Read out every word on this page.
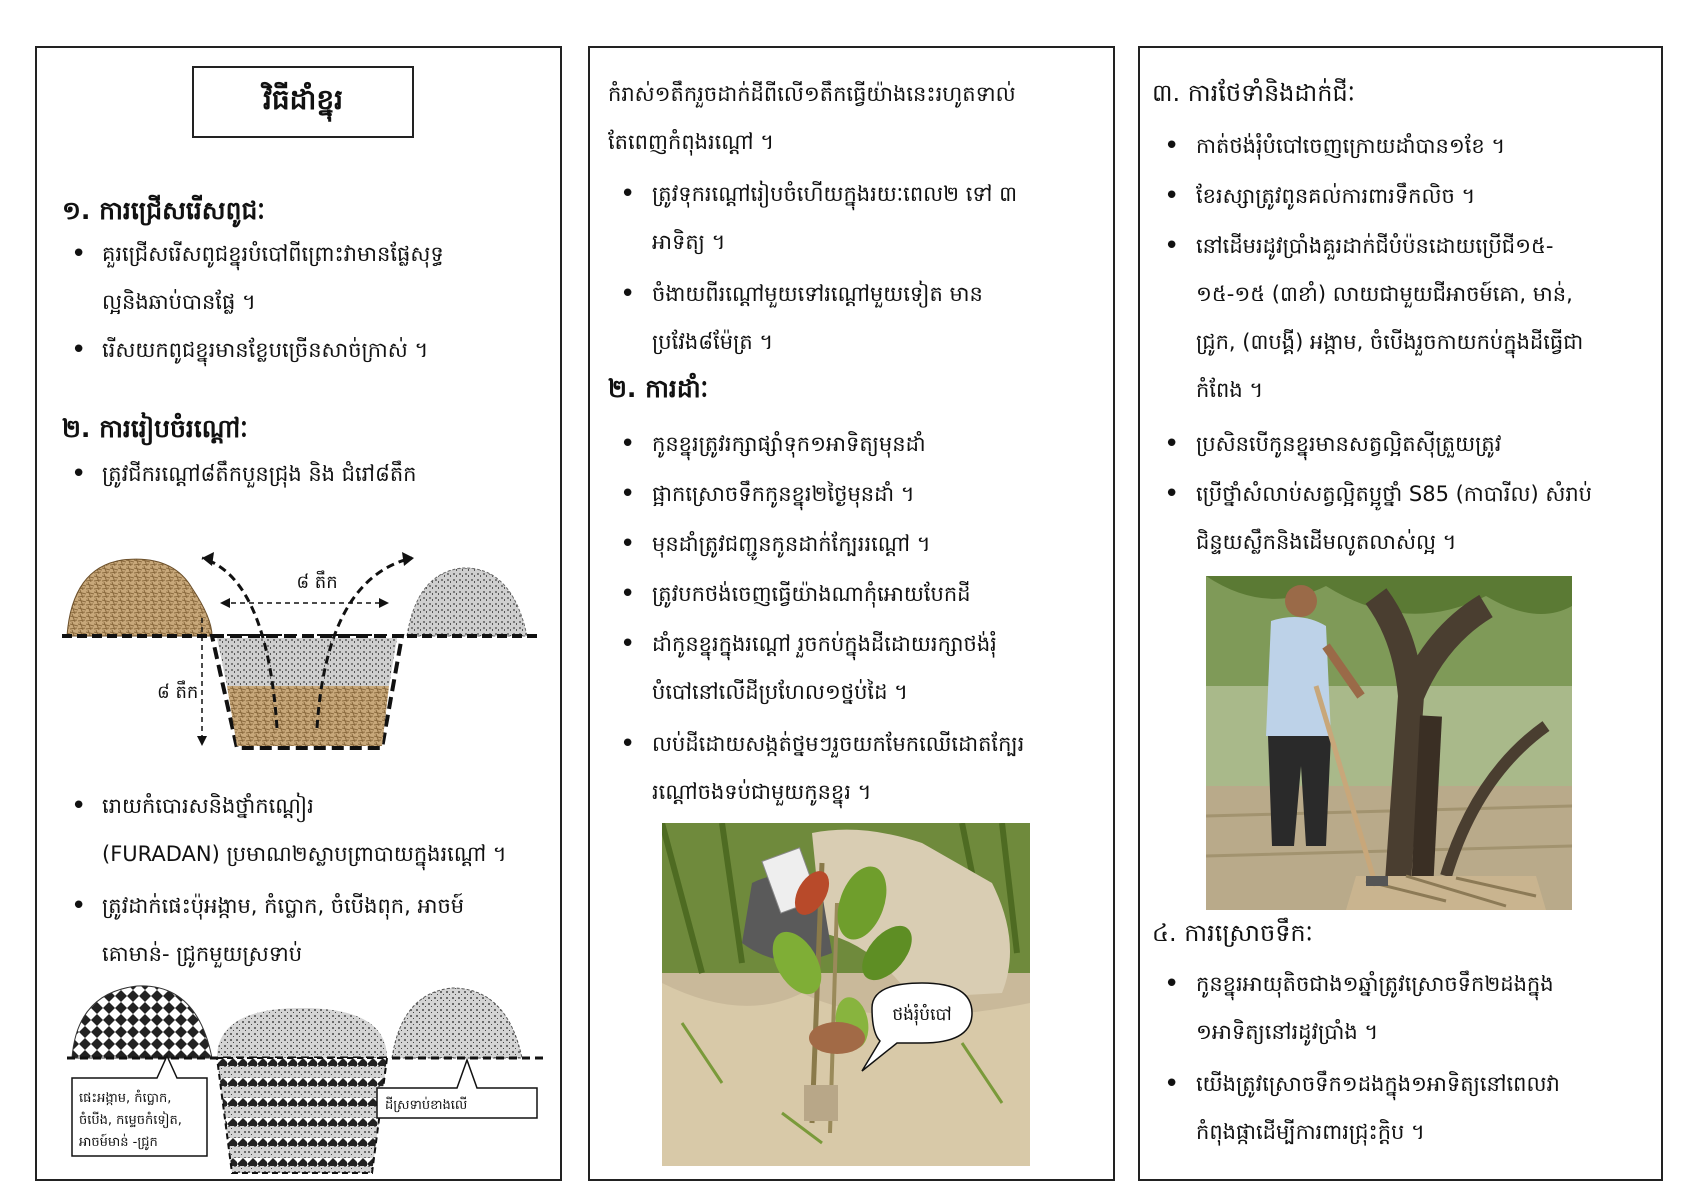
វិធីដាំខ្នុរ
១. ការជ្រើសរើសពូជៈ
• គួរជ្រើសរើសពូជខ្នុរបំបៅពីព្រោះវាមានផ្លែសុទ្ធ
ល្អនិងឆាប់បានផ្លែ ។
• រើសយកពូជខ្នុរមានខ្លែបច្រើនសាច់ក្រាស់ ។
២. ការរៀបចំរណ្តៅៈ
• ត្រូវជីករណ្តៅ៨តឹកបួនជ្រុង និង ជំរៅ៨តឹក
៨ តឹក
៨ តឹក
• រោយកំបោរសនិងថ្នាំកណ្តៀរ
(FURADAN) ប្រមាណ២ស្លាបព្រាបាយក្នុងរណ្តៅ ។
• ត្រូវដាក់ផេះប៉ុអង្កាម, កំប្លោក, ចំបើងពុក, អាចម៍
គោមាន់- ជ្រូកមួយស្រទាប់
ផេះអង្កាម, កំប្លោក,
ចំបើង, កម្ទេចកំទៀត,
អាចម៍មាន់ -ជ្រូក
ដីស្រទាប់ខាងលើ
កំរាស់១តឹករួចដាក់ដីពីលើ១តឹកធ្វើយ៉ាងនេះរហូតទាល់
តែពេញកំពុងរណ្តៅ ។
• ត្រូវទុករណ្តៅរៀបចំហើយក្នុងរយៈពេល២ ទៅ ៣
អាទិត្យ ។
• ចំងាយពីរណ្តៅមួយទៅរណ្តៅមួយទៀត មាន
ប្រវែង៨ម៉ែត្រ ។
២. ការដាំៈ
• កូនខ្នុរត្រូវរក្សាផ្សាំទុក១អាទិត្យមុនដាំ
• ផ្អាកស្រោចទឹកកូនខ្នុរ២ថ្ងៃមុនដាំ ។
• មុនដាំត្រូវជញ្ជូនកូនដាក់ក្បែររណ្តៅ ។
• ត្រូវបកថង់ចេញធ្វើយ៉ាងណាកុំអោយបែកដី
• ដាំកូនខ្នុរក្នុងរណ្តៅ រួចកប់ក្នុងដីដោយរក្សាថង់រុំ
បំបៅនៅលើដីប្រហែល១ថ្នប់ដៃ ។
• លប់ដីដោយសង្កត់ថ្នមៗរួចយកមែកឈើដោតក្បែរ
រណ្តៅចងទប់ជាមួយកូនខ្នុរ ។
ថង់រុំបំបៅ
៣. ការថែទាំនិងដាក់ជីៈ
• កាត់ថង់រុំបំបៅចេញក្រោយដាំបាន១ខែ ។
• ខែរស្សាត្រូវពូនគល់ការពារទឹកលិច ។
• នៅដើមរដូវប្រាំងគួរដាក់ជីបំប៉នដោយប្រើជី១៥-
១៥-១៥ (៣ខាំ) លាយជាមួយជីអាចម៍គោ, មាន់,
ជ្រូក, (៣បង្គី) អង្កាម, ចំបើងរួចកាយកប់ក្នុងដីធ្វើជា
កំពែង ។
• ប្រសិនបើកូនខ្នុរមានសត្វល្អិតស៊ីត្រួយត្រូវ
• ប្រើថ្នាំសំលាប់សត្វល្អិតប្អូថ្នាំ S85 (កាបារីល) សំរាប់
ជិន្ទយស្លឹកនិងដើមលូតលាស់ល្អ ។
៤. ការស្រោចទឹកៈ
• កូនខ្នុរអាយុតិចជាង១ឆ្នាំត្រូវស្រោចទឹក២ដងក្នុង
១អាទិត្យនៅរដូវប្រាំង ។
• យើងត្រូវស្រោចទឹក១ដងក្នុង១អាទិត្យនៅពេលវា
កំពុងផ្កាដើម្បីការពារជ្រុះក្តិប ។
